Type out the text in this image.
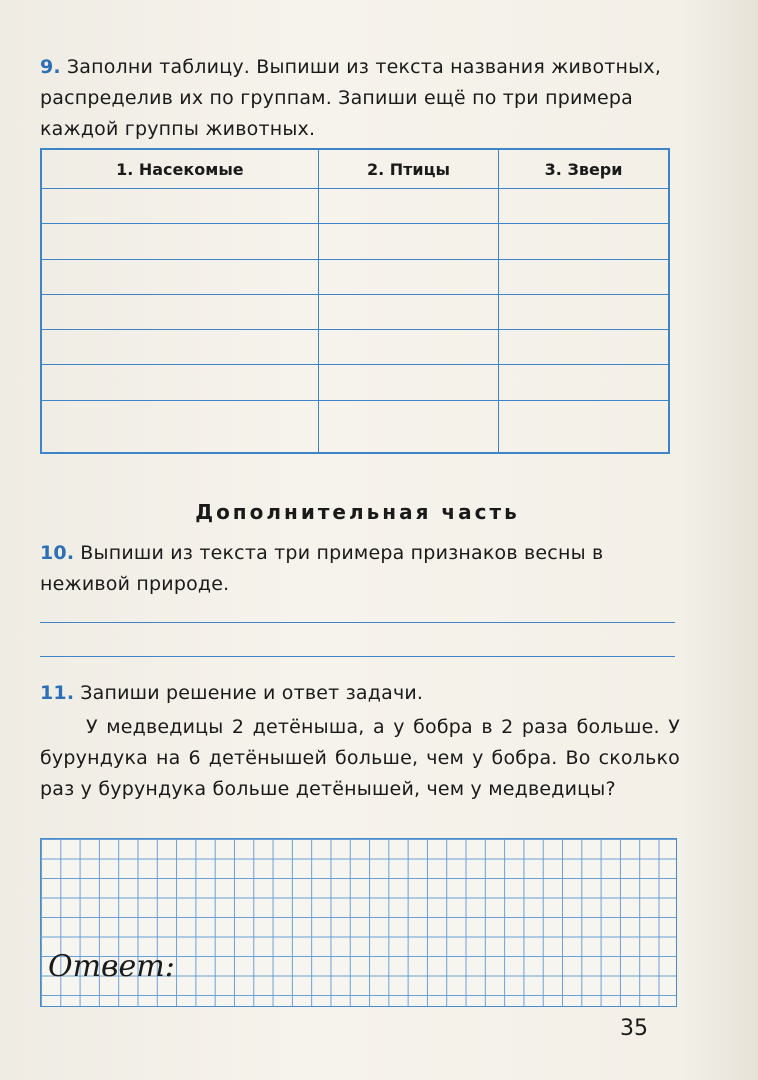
9. Заполни таблицу. Выпиши из текста названия животных, распределив их по группам. Запиши ещё по три примера каждой группы животных.
1. Насекомые	2. Птицы	3. Звери

Дополнительная часть
10. Выпиши из текста три примера признаков весны в неживой природе.
11. Запиши решение и ответ задачи.
У медведицы 2 детёныша, а у бобра в 2 раза больше. У бурундука на 6 детёнышей больше, чем у бобра. Во сколько раз у бурундука больше детёнышей, чем у медведицы?
Ответ:
35
